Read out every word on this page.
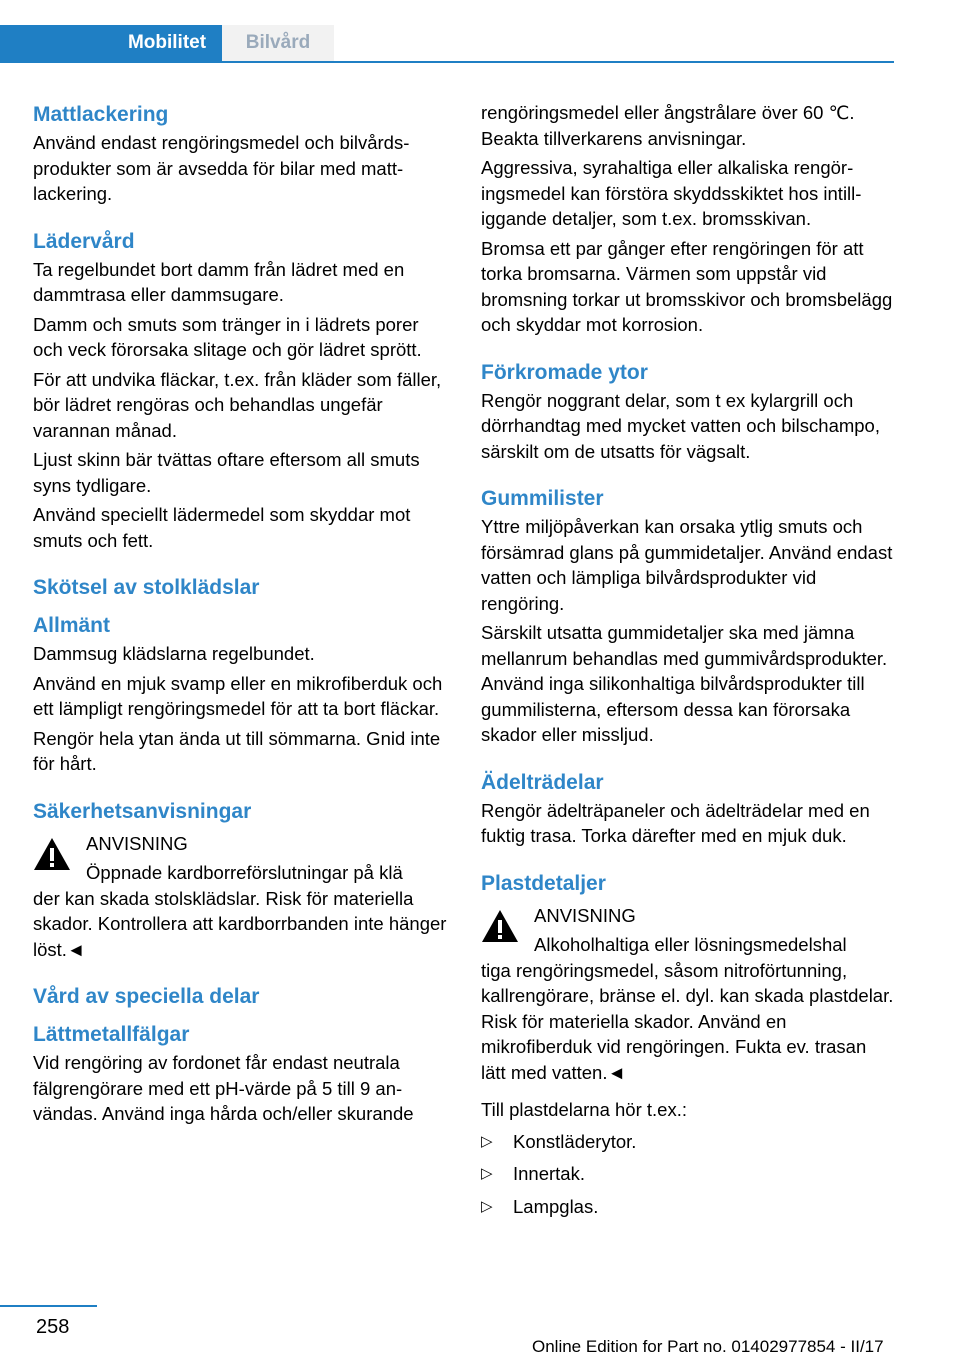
Mobilitet	Bilvård
Mattlackering

Använd endast rengöringsmedel och bilvårdsprodukter som är avsedda för bilar med mattlackering.

Lädervård

Ta regelbundet bort damm från lädret med en dammtrasa eller dammsugare.

Damm och smuts som tränger in i lädrets porer och veck förorsaka slitage och gör lädret sprött.

För att undvika fläckar, t.ex. från kläder som fäller, bör lädret rengöras och behandlas ungefär varannan månad.

Ljust skinn bär tvättas oftare eftersom all smuts syns tydligare.

Använd speciellt lädermedel som skyddar mot smuts och fett.

Skötsel av stolklädslar
Allmänt

Dammsug klädslarna regelbundet.

Använd en mjuk svamp eller en mikrofiberduk och ett lämpligt rengöringsmedel för att ta bort fläckar.

Rengör hela ytan ända ut till sömmarna. Gnid inte för hårt.

Säkerhetsanvisningar

ANVISNING

Öppnade kardborreförslutningar på klä

der kan skada stolsklädslar. Risk för materiella skador. Kontrollera att kardborrbanden inte hänger löst.◄

Vård av speciella delar
Lättmetallfälgar

Vid rengöring av fordonet får endast neutrala fälgrengörare med ett pH-värde på 5 till 9 användas. Använd inga hårda och/eller skurande

rengöringsmedel eller ångstrålare över 60 ℃. Beakta tillverkarens anvisningar.

Aggressiva, syrahaltiga eller alkaliska rengöringsmedel kan förstöra skyddsskiktet hos intilliggande detaljer, som t.ex. bromsskivan.

Bromsa ett par gånger efter rengöringen för att torka bromsarna. Värmen som uppstår vid bromsning torkar ut bromsskivor och bromsbelägg och skyddar mot korrosion.

Förkromade ytor

Rengör noggrant delar, som t ex kylargrill och dörrhandtag med mycket vatten och bilschampo, särskilt om de utsatts för vägsalt.

Gummilister

Yttre miljöpåverkan kan orsaka ytlig smuts och försämrad glans på gummidetaljer. Använd endast vatten och lämpliga bilvårdsprodukter vid rengöring.

Särskilt utsatta gummidetaljer ska med jämna mellanrum behandlas med gummivårdsprodukter. Använd inga silikonhaltiga bilvårdsprodukter till gummilisterna, eftersom dessa kan förorsaka skador eller missljud.

Ädelträdelar

Rengör ädelträpaneler och ädelträdelar med en fuktig trasa. Torka därefter med en mjuk duk.

Plastdetaljer

ANVISNING

Alkoholhaltiga eller lösningsmedelshal

tiga rengöringsmedel, såsom nitroförtunning, kallrengörare, bränse el. dyl. kan skada plastdelar. Risk för materiella skador. Använd en mikrofiberduk vid rengöringen. Fukta ev. trasan lätt med vatten.◄

Till plastdelarna hör t.ex.:

▷ Konstläderytor.
▷ Innertak.
▷ Lampglas.
258
Online Edition for Part no. 01402977854 - II/17
